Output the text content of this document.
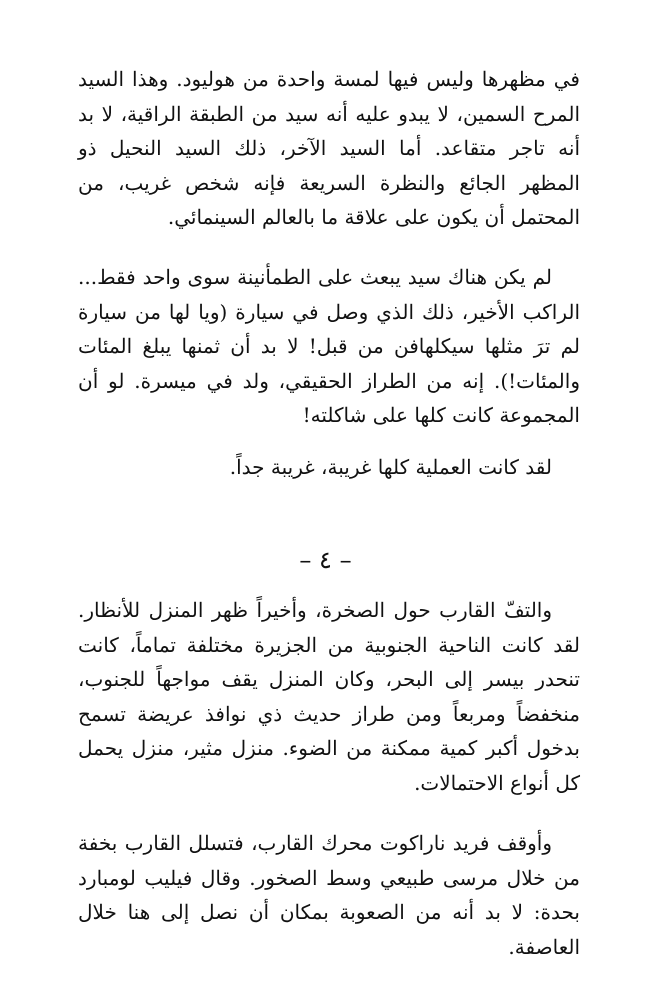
في مظهرها وليس فيها لمسة واحدة من هوليود. وهذا السيد المرح السمين، لا يبدو عليه أنه سيد من الطبقة الراقية، لا بد أنه تاجر متقاعد. أما السيد الآخر، ذلك السيد النحيل ذو المظهر الجائع والنظرة السريعة فإنه شخص غريب، من المحتمل أن يكون على علاقة ما بالعالم السينمائي.

لم يكن هناك سيد يبعث على الطمأنينة سوى واحد فقط... الراكب الأخير، ذلك الذي وصل في سيارة (ويا لها من سيارة لم ترَ مثلها سيكلهافن من قبل! لا بد أن ثمنها يبلغ المئات والمئات!). إنه من الطراز الحقيقي، ولد في ميسرة. لو أن المجموعة كانت كلها على شاكلته!

لقد كانت العملية كلها غريبة، غريبة جداً.

– ٤ –

والتفّ القارب حول الصخرة، وأخيراً ظهر المنزل للأنظار. لقد كانت الناحية الجنوبية من الجزيرة مختلفة تماماً، كانت تنحدر بيسر إلى البحر، وكان المنزل يقف مواجهاً للجنوب، منخفضاً ومربعاً ومن طراز حديث ذي نوافذ عريضة تسمح بدخول أكبر كمية ممكنة من الضوء. منزل مثير، منزل يحمل كل أنواع الاحتمالات.

وأوقف فريد ناراكوت محرك القارب، فتسلل القارب بخفة من خلال مرسى طبيعي وسط الصخور. وقال فيليب لومبارد بحدة: لا بد أنه من الصعوبة بمكان أن نصل إلى هنا خلال العاصفة.
